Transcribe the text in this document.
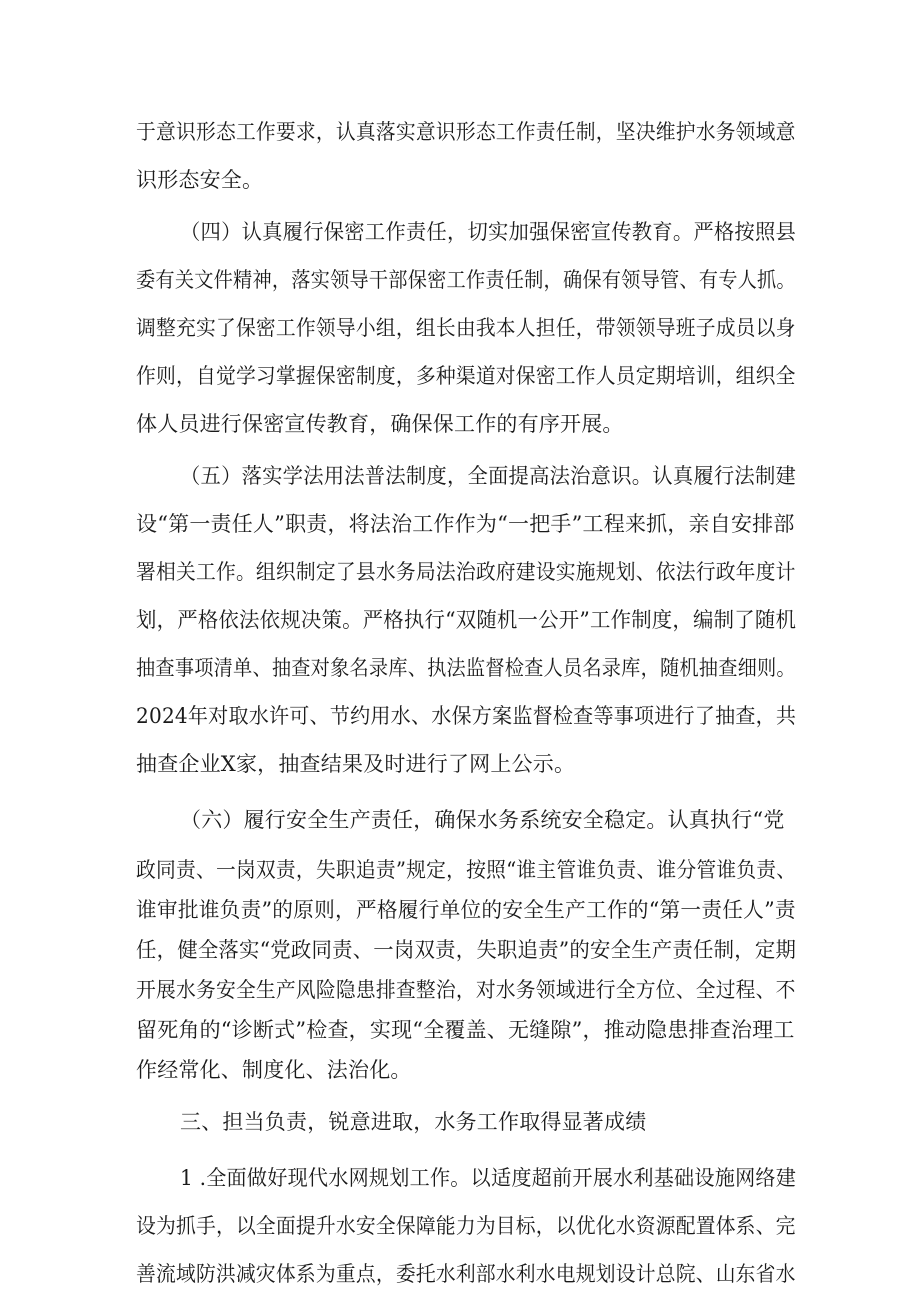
于意识形态工作要求，认真落实意识形态工作责任制，坚决维护水务领域意
识形态安全。
（四）认真履行保密工作责任，切实加强保密宣传教育。严格按照县
委有关文件精神，落实领导干部保密工作责任制，确保有领导管、有专人抓。
调整充实了保密工作领导小组，组长由我本人担任，带领领导班子成员以身
作则，自觉学习掌握保密制度，多种渠道对保密工作人员定期培训，组织全
体人员进行保密宣传教育，确保保工作的有序开展。
（五）落实学法用法普法制度，全面提高法治意识。认真履行法制建
设“第一责任人”职责，将法治工作作为“一把手”工程来抓，亲自安排部
署相关工作。组织制定了县水务局法治政府建设实施规划、依法行政年度计
划，严格依法依规决策。严格执行“双随机一公开”工作制度，编制了随机
抽查事项清单、抽查对象名录库、执法监督检查人员名录库，随机抽查细则。
2024年对取水许可、节约用水、水保方案监督检查等事项进行了抽查，共
抽查企业X家，抽查结果及时进行了网上公示。
（六）履行安全生产责任，确保水务系统安全稳定。认真执行“党
政同责、一岗双责，失职追责”规定，按照“谁主管谁负责、谁分管谁负责、
谁审批谁负责”的原则，严格履行单位的安全生产工作的“第一责任人”责
任，健全落实“党政同责、一岗双责，失职追责”的安全生产责任制，定期
开展水务安全生产风险隐患排查整治，对水务领域进行全方位、全过程、不
留死角的“诊断式”检查，实现“全覆盖、无缝隙”，推动隐患排查治理工
作经常化、制度化、法治化。
三、担当负责，锐意进取，水务工作取得显著成绩
1 .全面做好现代水网规划工作。以适度超前开展水利基础设施网络建
设为抓手，以全面提升水安全保障能力为目标，以优化水资源配置体系、完
善流域防洪减灾体系为重点，委托水利部水利水电规划设计总院、山东省水
